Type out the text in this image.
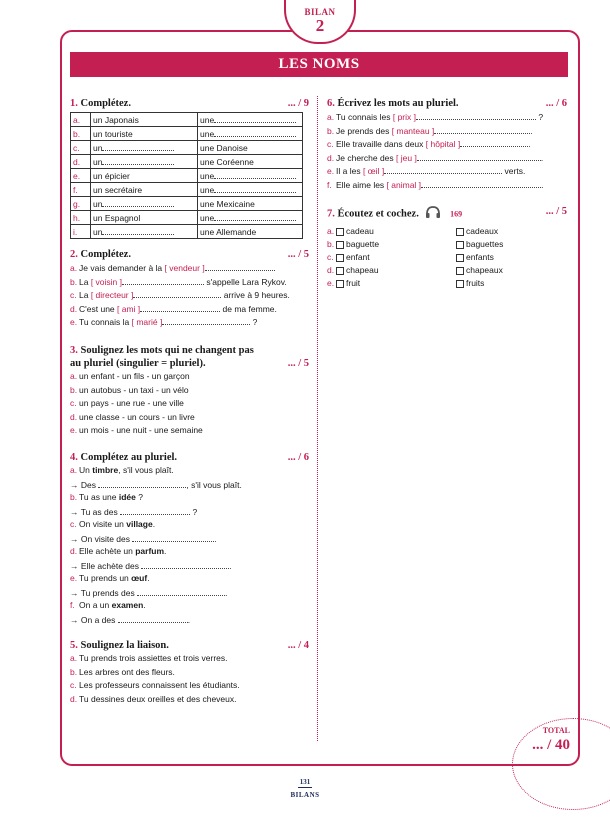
BILAN
2
LES NOMS
1. Complétez.	... / 9
a.	un Japonais	une
b.	un touriste	une
c.	un	une Danoise
d.	un	une Coréenne
e.	un épicier	une
f.	un secrétaire	une
g.	un	une Mexicaine
h.	un Espagnol	une
i.	un	une Allemande
2. Complétez.	... / 5
a. Je vais demander à la [ vendeur ]
b. La [ voisin ]	s'appelle Lara Rykov.
c. La [ directeur ]	arrive à 9 heures.
d. C'est une [ ami ]	de ma femme.
e. Tu connais la [ marié ]	?
3. Soulignez les mots qui ne changent pas
au pluriel (singulier = pluriel).	... / 5
a. un enfant - un fils - un garçon
b. un autobus - un taxi - un vélo
c. un pays - une rue - une ville
d. une classe - un cours - un livre
e. un mois - une nuit - une semaine
4. Complétez au pluriel.	... / 6
a. Un timbre, s'il vous plaît.
→ Des	, s'il vous plaît.
b. Tu as une idée ?
→ Tu as des	?
c. On visite un village.
→ On visite des	.
d. Elle achète un parfum.
→ Elle achète des	.
e. Tu prends un œuf.
→ Tu prends des	.
f. On a un examen.
→ On a des	.
5. Soulignez la liaison.	... / 4
a. Tu prends trois assiettes et trois verres.
b. Les arbres ont des fleurs.
c. Les professeurs connaissent les étudiants.
d. Tu dessines deux oreilles et des cheveux.
6. Écrivez les mots au pluriel.	... / 6
a. Tu connais les [ prix ]	?
b. Je prends des [ manteau ]	.
c. Elle travaille dans deux [ hôpital ]	.
d. Je cherche des [ jeu ]	.
e. Il a les [ œil ]	verts.
f. Elle aime les [ animal ]	.
7. Écoutez et cochez.	169	... / 5
a. cadeau	cadeaux
b. baguette	baguettes
c. enfant	enfants
d. chapeau	chapeaux
e. fruit	fruits
TOTAL
... / 40
131
BILANS
